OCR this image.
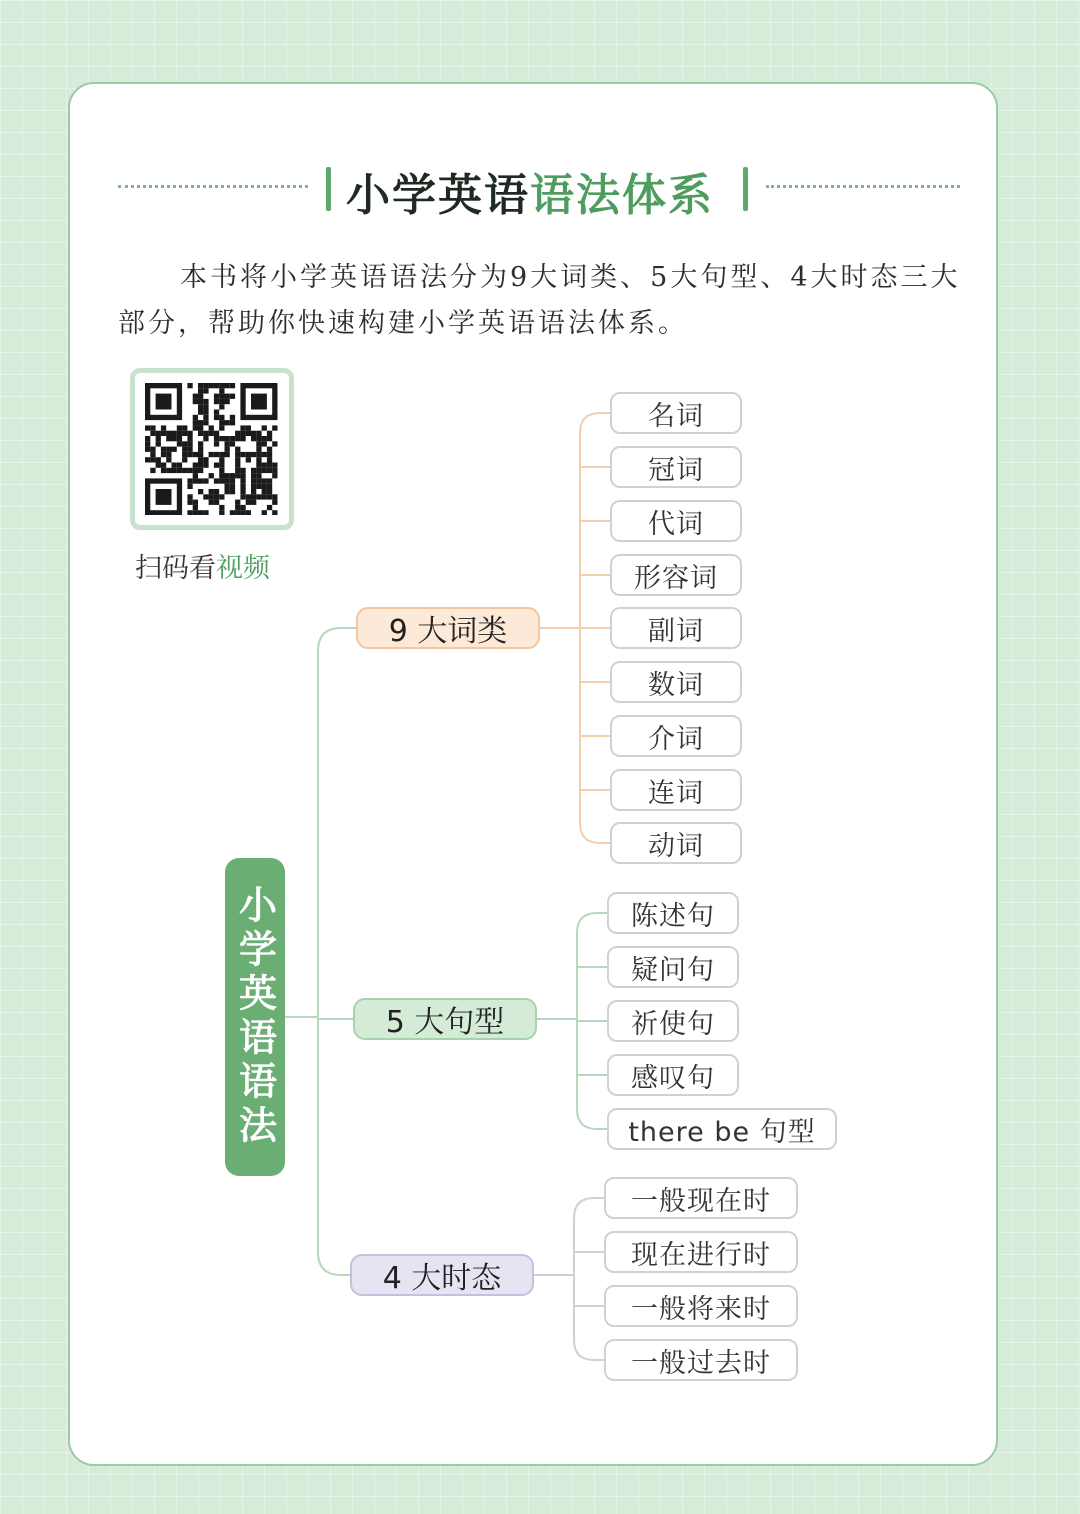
小学英语语法体系

本书将小学英语语法分为9大词类、5大句型、4大时态三大部分，帮助你快速构建小学英语语法体系。

扫码看视频
小学英语语法
9 大词类
5 大句型
4 大时态
名词
冠词
代词
形容词
副词
数词
介词
连词
动词
陈述句
疑问句
祈使句
感叹句
there be 句型
一般现在时
现在进行时
一般将来时
一般过去时
